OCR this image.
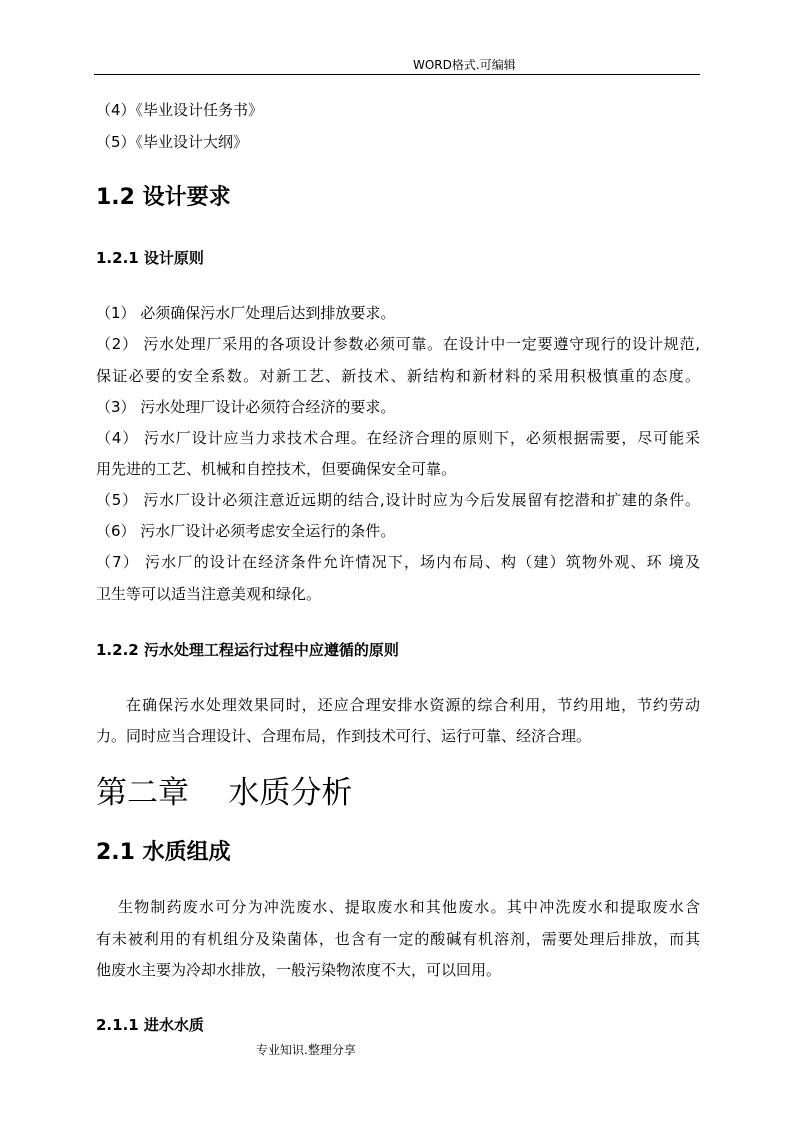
WORD格式.可编辑
（4）《毕业设计任务书》
（5）《毕业设计大纲》
1.2 设计要求
1.2.1 设计原则
（1） 必须确保污水厂处理后达到排放要求。
（2） 污水处理厂采用的各项设计参数必须可靠。在设计中一定要遵守现行的设计规范,
保证必要的安全系数。对新工艺、新技术、新结构和新材料的采用积极慎重的态度。
（3） 污水处理厂设计必须符合经济的要求。
（4） 污水厂设计应当力求技术合理。在经济合理的原则下，必须根据需要，尽可能采
用先进的工艺、机械和自控技术，但要确保安全可靠。
（5） 污水厂设计必须注意近远期的结合,设计时应为今后发展留有挖潜和扩建的条件。
（6） 污水厂设计必须考虑安全运行的条件。
（7） 污水厂的设计在经济条件允许情况下，场内布局、构（建）筑物外观、环 境及
卫生等可以适当注意美观和绿化。
1.2.2 污水处理工程运行过程中应遵循的原则
在确保污水处理效果同时，还应合理安排水资源的综合利用，节约用地，节约劳动
力。同时应当合理设计、合理布局，作到技术可行、运行可靠、经济合理。
第二章    水质分析
2.1 水质组成
生物制药废水可分为冲洗废水、提取废水和其他废水。其中冲洗废水和提取废水含
有未被利用的有机组分及染菌体，也含有一定的酸碱有机溶剂，需要处理后排放，而其
他废水主要为冷却水排放，一般污染物浓度不大，可以回用。
2.1.1 进水水质
专业知识.整理分享
